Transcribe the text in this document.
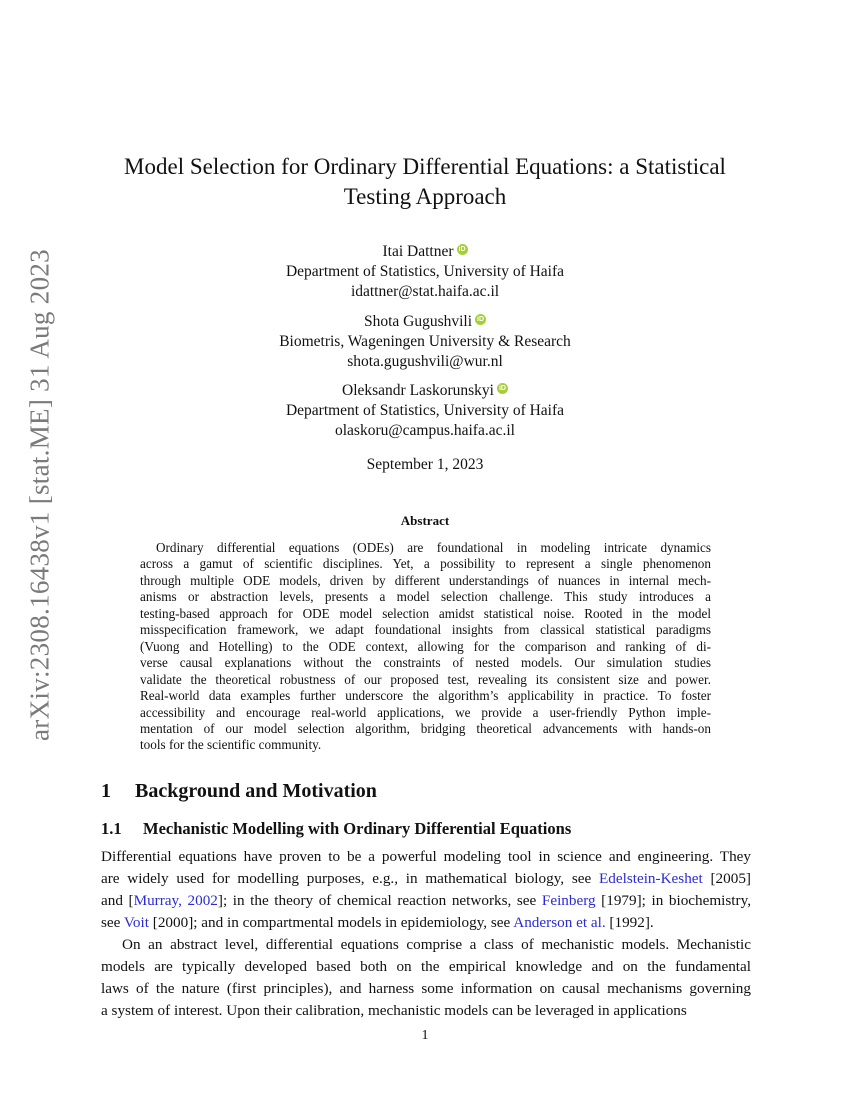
arXiv:2308.16438v1 [stat.ME] 31 Aug 2023
Model Selection for Ordinary Differential Equations: a Statistical
Testing Approach
Itai Dattner iD
Department of Statistics, University of Haifa
idattner@stat.haifa.ac.il
Shota Gugushvili iD
Biometris, Wageningen University & Research
shota.gugushvili@wur.nl
Oleksandr Laskorunskyi iD
Department of Statistics, University of Haifa
olaskoru@campus.haifa.ac.il
September 1, 2023
Abstract
Ordinary differential equations (ODEs) are foundational in modeling intricate dynamics
across a gamut of scientific disciplines. Yet, a possibility to represent a single phenomenon
through multiple ODE models, driven by different understandings of nuances in internal mech-
anisms or abstraction levels, presents a model selection challenge. This study introduces a
testing-based approach for ODE model selection amidst statistical noise. Rooted in the model
misspecification framework, we adapt foundational insights from classical statistical paradigms
(Vuong and Hotelling) to the ODE context, allowing for the comparison and ranking of di-
verse causal explanations without the constraints of nested models. Our simulation studies
validate the theoretical robustness of our proposed test, revealing its consistent size and power.
Real-world data examples further underscore the algorithm’s applicability in practice. To foster
accessibility and encourage real-world applications, we provide a user-friendly Python imple-
mentation of our model selection algorithm, bridging theoretical advancements with hands-on
tools for the scientific community.
1 Background and Motivation
1.1 Mechanistic Modelling with Ordinary Differential Equations
Differential equations have proven to be a powerful modeling tool in science and engineering. They
are widely used for modelling purposes, e.g., in mathematical biology, see Edelstein-Keshet [2005]
and [Murray, 2002]; in the theory of chemical reaction networks, see Feinberg [1979]; in biochemistry,
see Voit [2000]; and in compartmental models in epidemiology, see Anderson et al. [1992].
On an abstract level, differential equations comprise a class of mechanistic models. Mechanistic
models are typically developed based both on the empirical knowledge and on the fundamental
laws of the nature (first principles), and harness some information on causal mechanisms governing
a system of interest. Upon their calibration, mechanistic models can be leveraged in applications
1
